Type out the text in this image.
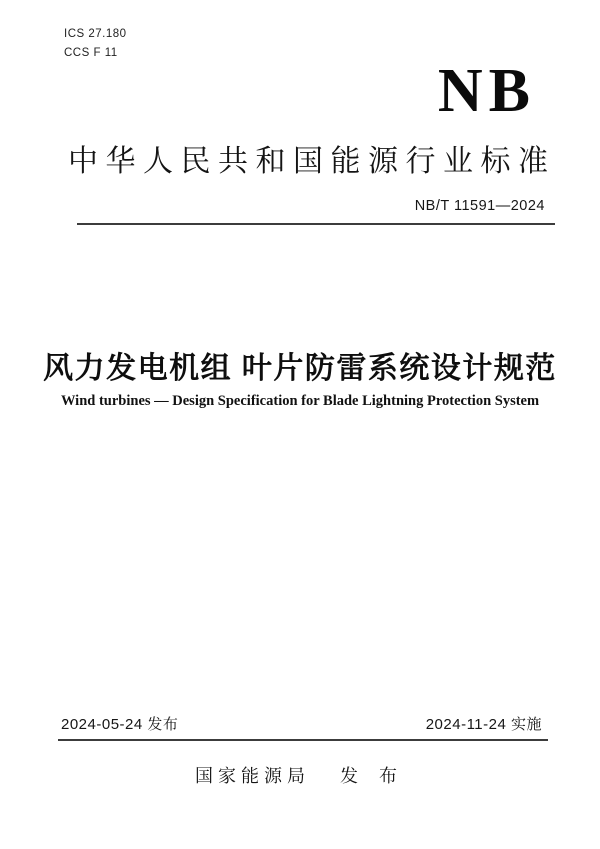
ICS 27.180
CCS F 11
NB
中华人民共和国能源行业标准
NB/T 11591—2024
风力发电机组 叶片防雷系统设计规范
Wind turbines — Design Specification for Blade Lightning Protection System
2024-05-24 发布	2024-11-24 实施
国家能源局 发 布
